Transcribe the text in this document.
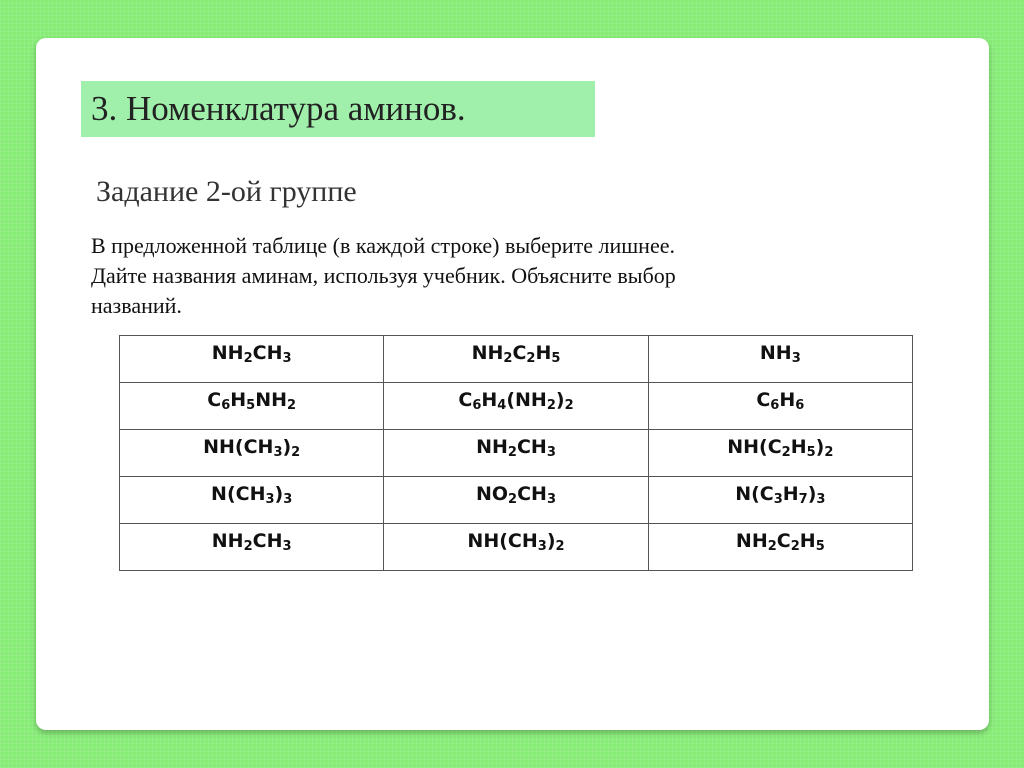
3. Номенклатура аминов.
Задание 2-ой группе
В предложенной таблице (в каждой строке) выберите лишнее.
Дайте названия аминам, используя учебник. Объясните выбор
названий.
$NH_2CH_3$	$NH_2C_2H_5$	$NH_3$
$C_6H_5NH_2$	$C_6H_4(NH_2)_2$	$C_6H_6$
$NH(CH_3)_2$	$NH_2CH_3$	$NH(C_2H_5)_2$
$N(CH_3)_3$	$NO_2CH_3$	$N(C_3H_7)_3$
$NH_2CH_3$	$NH(CH_3)_2$	$NH_2C_2H_5$
